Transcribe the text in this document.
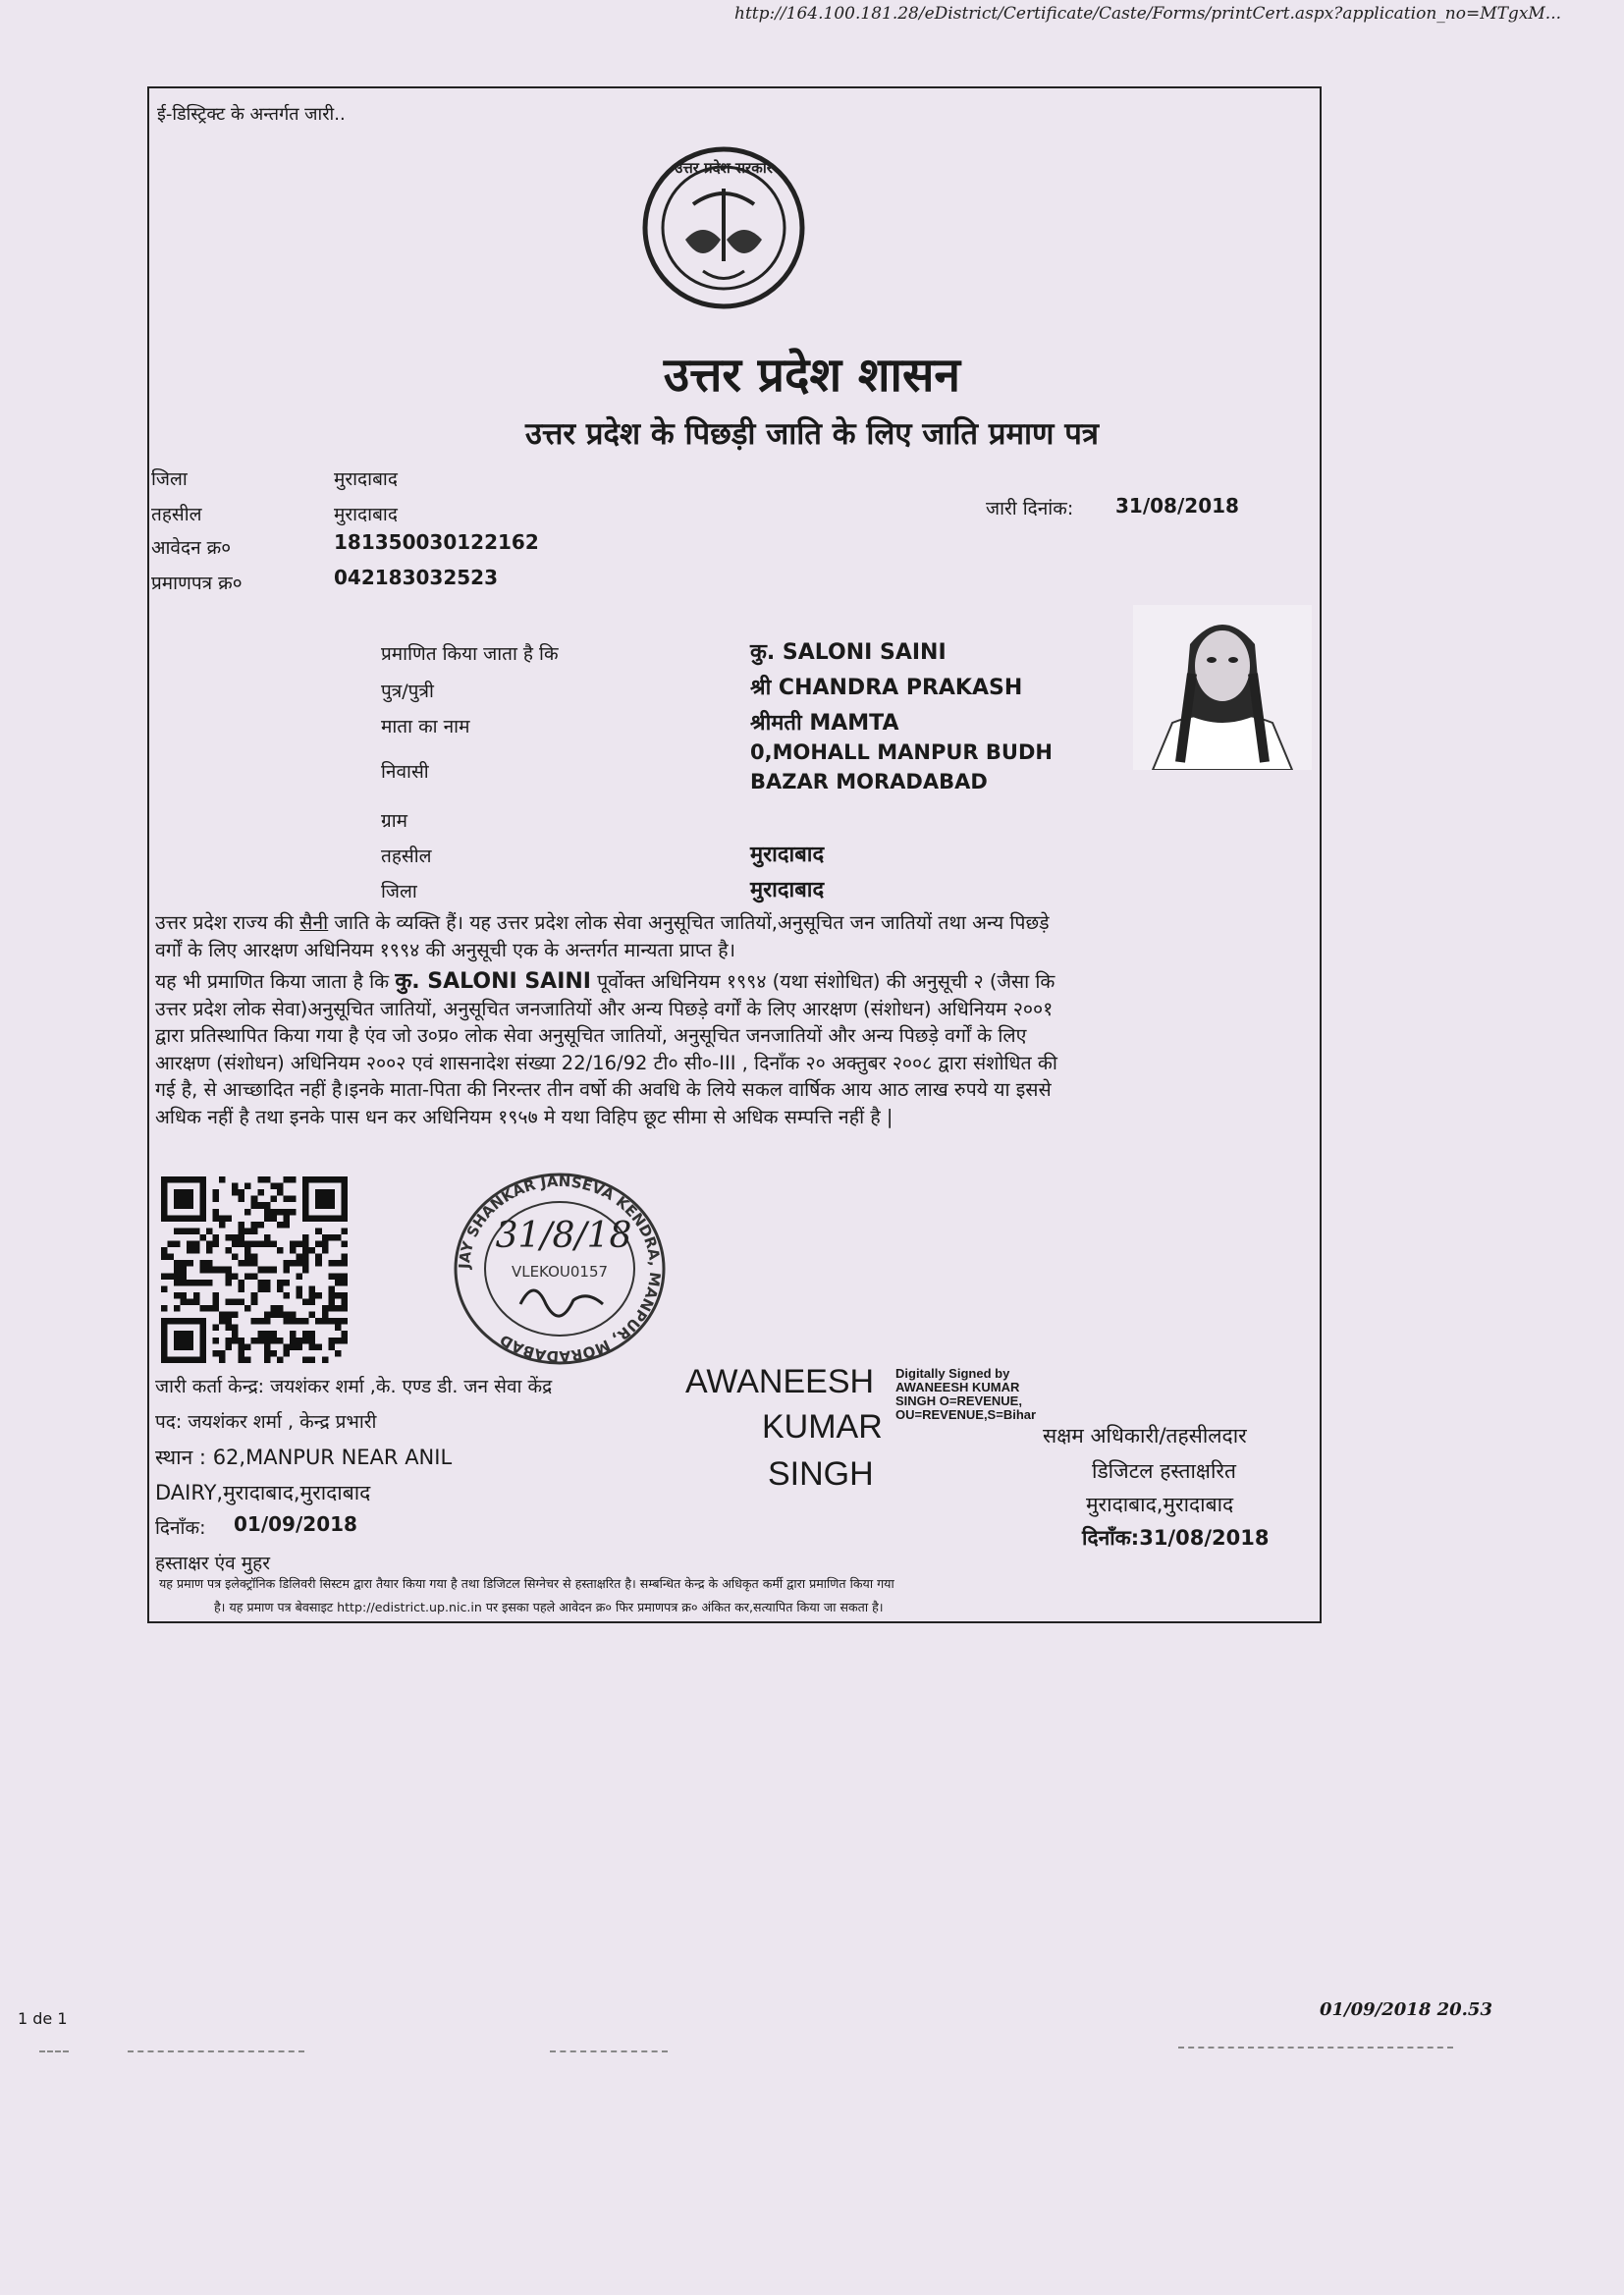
http://164.100.181.28/eDistrict/Certificate/Caste/Forms/printCert.aspx?application_no=MTgxM...
ई-डिस्ट्रिक्ट के अन्तर्गत जारी..
उत्तर प्रदेश सरकार
उत्तर प्रदेश शासन
उत्तर प्रदेश के पिछड़ी जाति के लिए जाति प्रमाण पत्र
जिला	मुरादाबाद
तहसील	मुरादाबाद
आवेदन क्र०	181350030122162
प्रमाणपत्र क्र०	042183032523
जारी दिनांक: 31/08/2018
प्रमाणित किया जाता है कि	कु. SALONI SAINI
पुत्र/पुत्री	श्री CHANDRA PRAKASH
माता का नाम	श्रीमती MAMTA
निवासी
0,MOHALL MANPUR BUDH
BAZAR MORADABAD
ग्राम
तहसील	मुरादाबाद
जिला	मुरादाबाद
उत्तर प्रदेश राज्य की सैनी जाति के व्यक्ति हैं। यह उत्तर प्रदेश लोक सेवा अनुसूचित जातियों,अनुसूचित जन जातियों तथा अन्य पिछड़े
वर्गों के लिए आरक्षण अधिनियम १९९४ की अनुसूची एक के अन्तर्गत मान्यता प्राप्त है।
यह भी प्रमाणित किया जाता है कि कु. SALONI SAINI पूर्वोक्त अधिनियम १९९४ (यथा संशोधित) की अनुसूची २ (जैसा कि
उत्तर प्रदेश लोक सेवा)अनुसूचित जातियों, अनुसूचित जनजातियों और अन्य पिछड़े वर्गों के लिए आरक्षण (संशोधन) अधिनियम २००१
द्वारा प्रतिस्थापित किया गया है एंव जो उ०प्र० लोक सेवा अनुसूचित जातियों, अनुसूचित जनजातियों और अन्य पिछड़े वर्गों के लिए
आरक्षण (संशोधन) अधिनियम २००२ एवं शासनादेश संख्या 22/16/92 टी० सी०-III , दिनाँक २० अक्तुबर २००८ द्वारा संशोधित की
गई है, से आच्छादित नहीं है।इनके माता-पिता की निरन्तर तीन वर्षो की अवधि के लिये सकल वार्षिक आय आठ लाख रुपये या इससे
अधिक नहीं है तथा इनके पास धन कर अधिनियम १९५७ मे यथा विहिप छूट सीमा से अधिक सम्पत्ति नहीं है |
JAY SHANKAR JANSEVA KENDRA, MANPUR, MORADABAD
31/8/18
VLEKOU0157
जारी कर्ता केन्द्र: जयशंकर शर्मा ,के. एण्ड डी. जन सेवा केंद्र
पद: जयशंकर शर्मा , केन्द्र प्रभारी
स्थान : 62,MANPUR NEAR ANIL
DAIRY,मुरादाबाद,मुरादाबाद
दिनाँक: 01/09/2018
हस्ताक्षर एंव मुहर
AWANEESH
KUMAR
SINGH
Digitally Signed by
AWANEESH KUMAR
SINGH O=REVENUE,
OU=REVENUE,S=Bihar
सक्षम अधिकारी/तहसीलदार
डिजिटल हस्ताक्षरित
मुरादाबाद,मुरादाबाद
दिनाँक:31/08/2018
यह प्रमाण पत्र इलेक्ट्रॉनिक डिलिवरी सिस्टम द्वारा तैयार किया गया है तथा डिजिटल सिग्नेचर से हस्ताक्षरित है। सम्बन्धित केन्द्र के अधिकृत कर्मी द्वारा प्रमाणित किया गया
है। यह प्रमाण पत्र बेवसाइट http://edistrict.up.nic.in पर इसका पहले आवेदन क्र० फिर प्रमाणपत्र क्र० अंकित कर,सत्यापित किया जा सकता है।
1 de 1	01/09/2018 20.53
